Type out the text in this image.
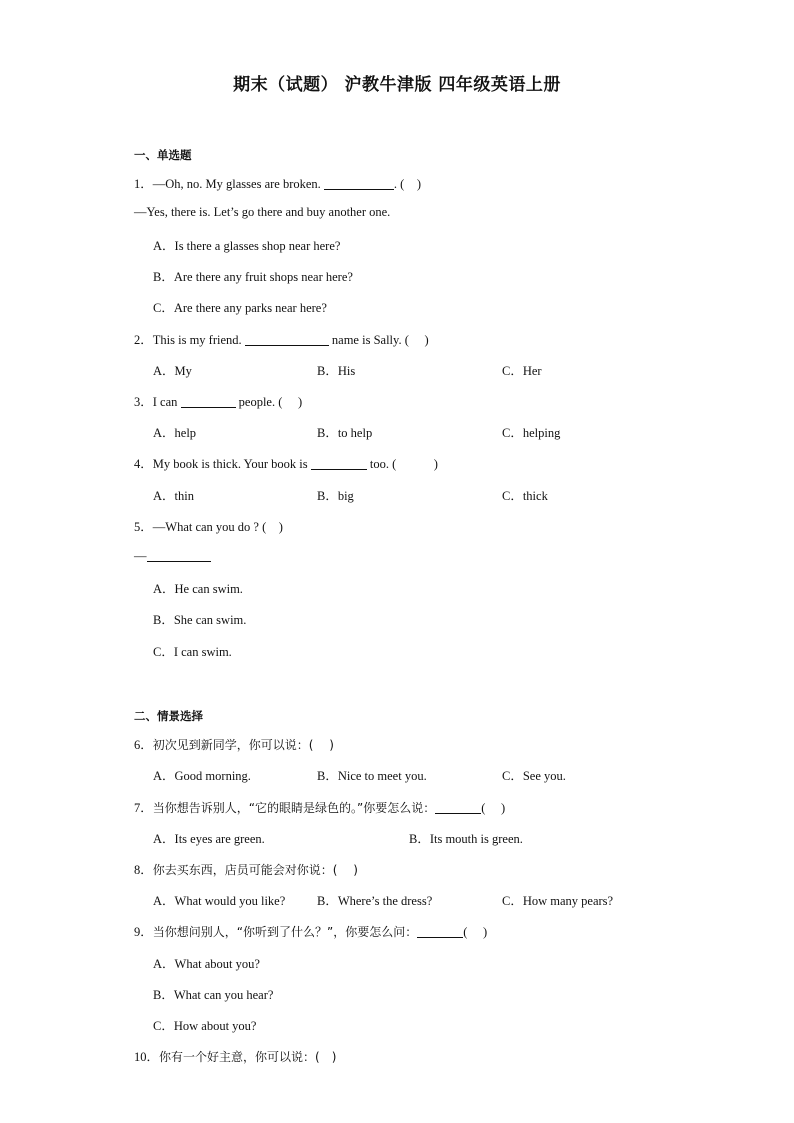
期末（试题） 沪教牛津版 四年级英语上册
一、单选题
1．—Oh, no. My glasses are broken.	. (　)
—Yes, there is. Let’s go there and buy another one.
A．Is there a glasses shop near here?
B．Are there any fruit shops near here?
C．Are there any parks near here?
2．This is my friend.	name is Sally. (　 )
A．My	B．His	C．Her
3．I can	people. (　 )
A．help	B．to help	C．helping
4．My book is thick. Your book is	too. (　　　)
A．thin	B．big	C．thick
5．—What can you do ? (　)
—
A．He can swim.
B．She can swim.
C．I can swim.
二、情景选择
6．初次见到新同学，你可以说：(　 )
A．Good morning.	B．Nice to meet you.	C．See you.
7．当你想告诉别人，“它的眼睛是绿色的。”你要怎么说：	(　 )
A．Its eyes are green.	B．Its mouth is green.
8．你去买东西，店员可能会对你说：(　 )
A．What would you like?	B．Where’s the dress?	C．How many pears?
9．当你想问别人，“你听到了什么？”，你要怎么问：	(　 )
A．What about you?
B．What can you hear?
C．How about you?
10．你有一个好主意，你可以说：(　)
